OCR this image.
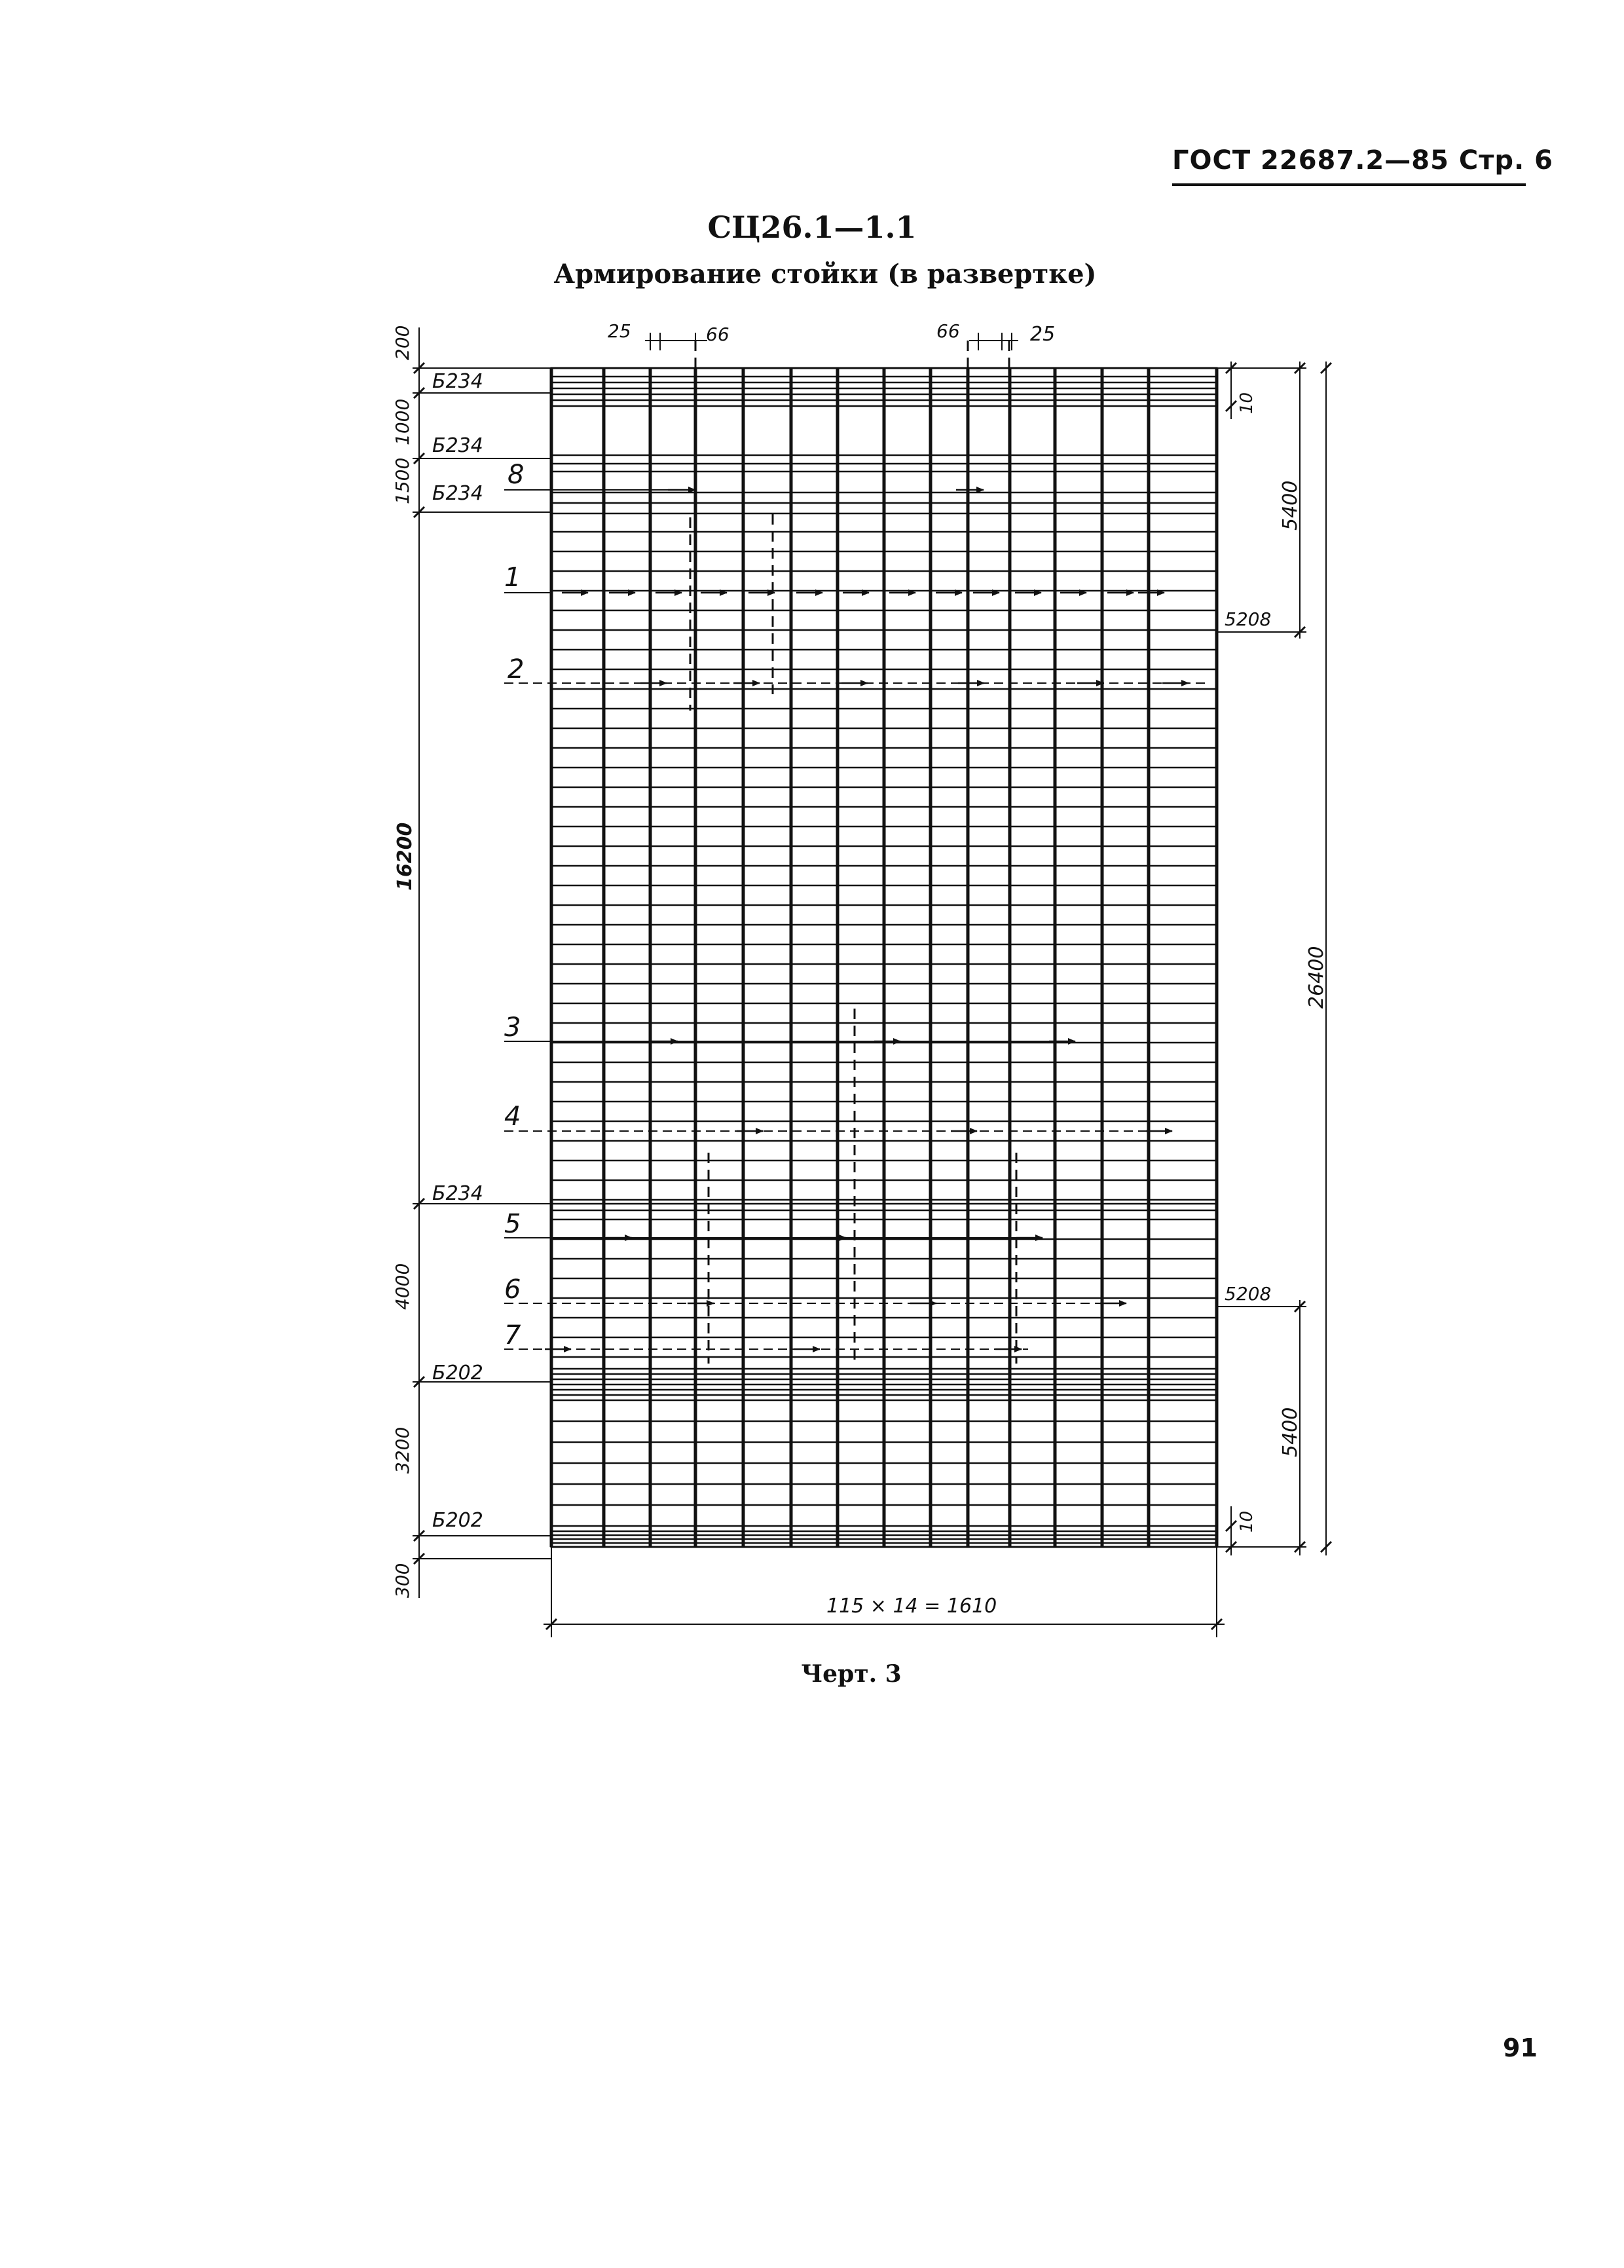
ГОСТ 22687.2—85 Стр. 6
СЦ26.1—1.1
Армирование стойки (в развертке)
25	66	66	25
200
1000
1500
16200
4000
3200
300
Б234
Б234
Б234
Б234
Б202
Б202
8
1
2
3
4
5
6
7
10
5400
5208
26400
5208
5400
10
115 × 14 = 1610
Черт. 3
91
